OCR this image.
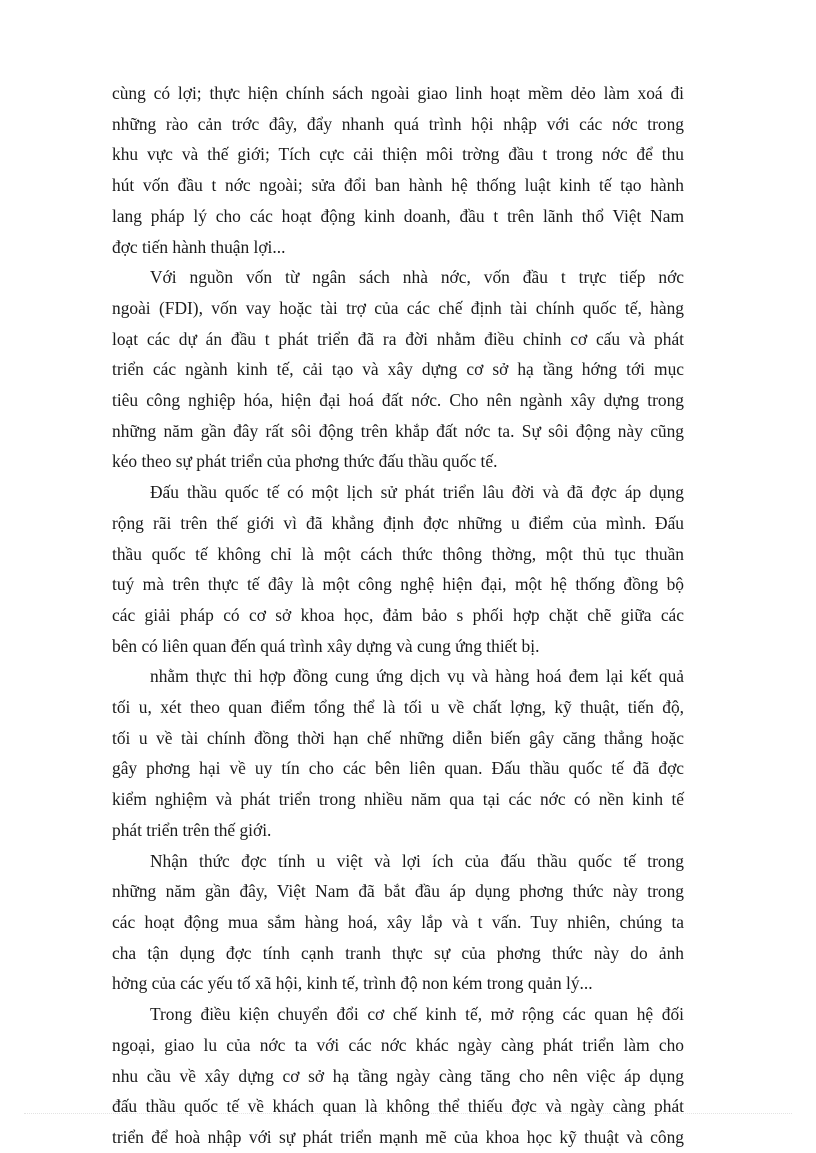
cùng có lợi; thực hiện chính sách ngoài giao linh hoạt mềm dẻo làm xoá đi
những rào cản trớc đây, đẩy nhanh quá trình hội nhập với các nớc trong
khu vực và thế giới; Tích cực cải thiện môi trờng đầu t trong nớc để thu
hút vốn đầu t nớc ngoài; sửa đổi ban hành hệ thống luật kinh tế tạo hành
lang pháp lý cho các hoạt động kinh doanh, đầu t trên lãnh thổ Việt Nam
đợc tiến hành thuận lợi...
Với nguồn vốn từ ngân sách nhà nớc, vốn đầu t trực tiếp nớc
ngoài (FDI), vốn vay hoặc tài trợ của các chế định tài chính quốc tế, hàng
loạt các dự án đầu t phát triển đã ra đời nhằm điều chỉnh cơ cấu và phát
triển các ngành kinh tế, cải tạo và xây dựng cơ sở hạ tầng hớng tới mục
tiêu công nghiệp hóa, hiện đại hoá đất nớc. Cho nên ngành xây dựng trong
những năm gần đây rất sôi động trên khắp đất nớc ta. Sự sôi động này cũng
kéo theo sự phát triển của phơng thức đấu thầu quốc tế.
Đấu thầu quốc tế có một lịch sử phát triển lâu đời và đã đợc áp dụng
rộng rãi trên thế giới vì đã khẳng định đợc những u điểm của mình. Đấu
thầu quốc tế không chỉ là một cách thức thông thờng, một thủ tục thuần
tuý mà trên thực tế đây là một công nghệ hiện đại, một hệ thống đồng bộ
các giải pháp có cơ sở khoa học, đảm bảo s phối hợp chặt chẽ giữa các
bên có liên quan đến quá trình xây dựng và cung ứng thiết bị.
nhằm thực thi hợp đồng cung ứng dịch vụ và hàng hoá đem lại kết quả
tối u, xét theo quan điểm tổng thể là tối u về chất lợng, kỹ thuật, tiến độ,
tối u về tài chính đồng thời hạn chế những diễn biến gây căng thẳng hoặc
gây phơng hại về uy tín cho các bên liên quan. Đấu thầu quốc tế đã đợc
kiểm nghiệm và phát triển trong nhiều năm qua tại các nớc có nền kinh tế
phát triển trên thế giới.
Nhận thức đợc tính u việt và lợi ích của đấu thầu quốc tế trong
những năm gần đây, Việt Nam đã bắt đầu áp dụng phơng thức này trong
các hoạt động mua sắm hàng hoá, xây lắp và t vấn. Tuy nhiên, chúng ta
cha tận dụng đợc tính cạnh tranh thực sự của phơng thức này do ảnh
hởng của các yếu tố xã hội, kinh tế, trình độ non kém trong quản lý...
Trong điều kiện chuyển đổi cơ chế kinh tế, mở rộng các quan hệ đối
ngoại, giao lu của nớc ta với các nớc khác ngày càng phát triển làm cho
nhu cầu về xây dựng cơ sở hạ tầng ngày càng tăng cho nên việc áp dụng
đấu thầu quốc tế về khách quan là không thể thiếu đợc và ngày càng phát
triển để hoà nhập với sự phát triển mạnh mẽ của khoa học kỹ thuật và công
